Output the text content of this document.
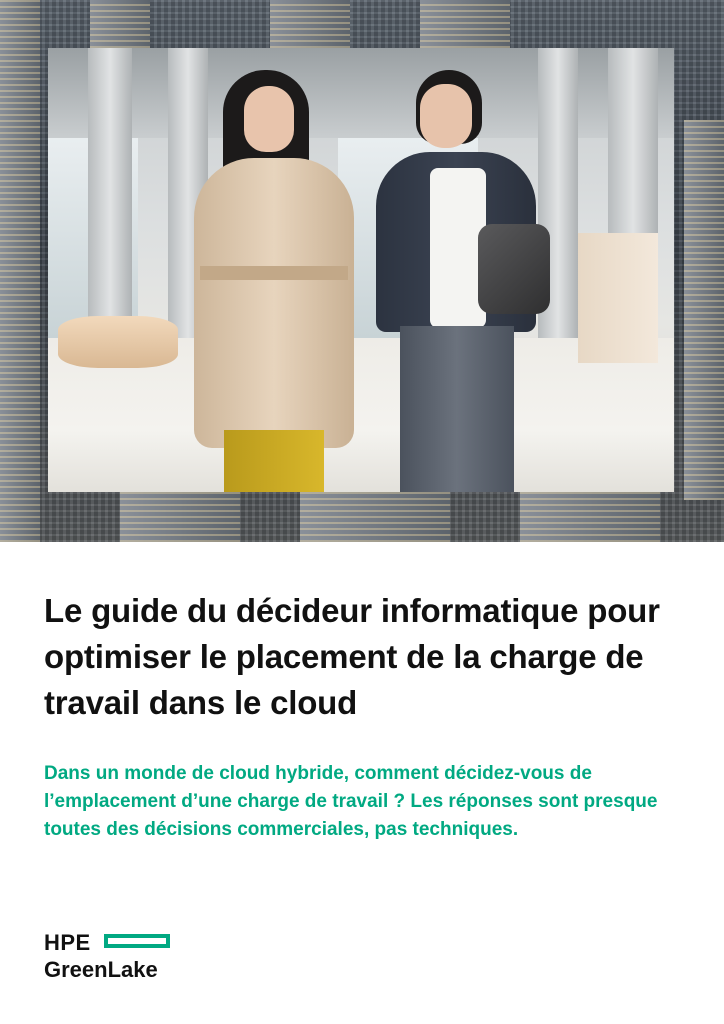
Le guide du décideur informatique pour optimiser le placement de la charge de travail dans le cloud

Dans un monde de cloud hybride, comment décidez-vous de l’emplacement d’une charge de travail ? Les réponses sont presque toutes des décisions commerciales, pas techniques.

HPE
GreenLake
